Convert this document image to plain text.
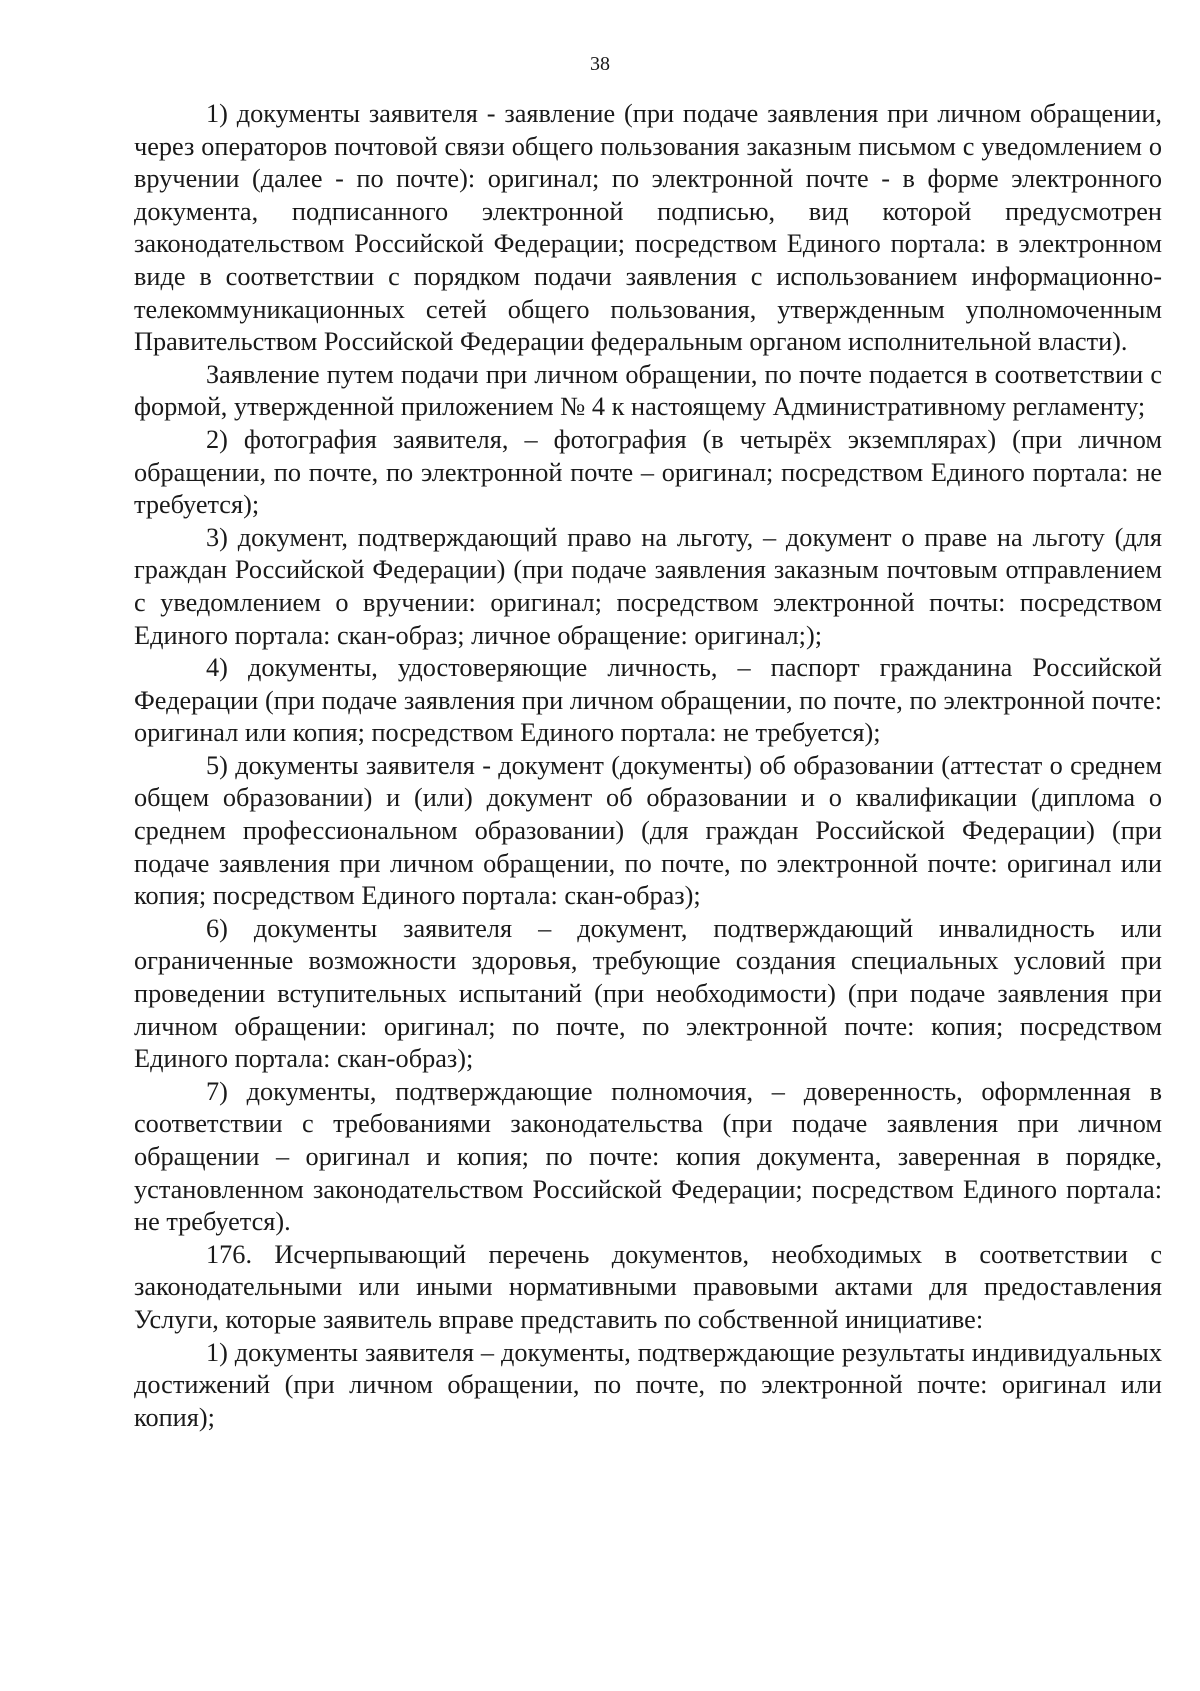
38

1) документы заявителя - заявление (при подаче заявления при личном обращении, через операторов почтовой связи общего пользования заказным письмом с уведомлением о вручении (далее - по почте): оригинал; по электронной почте - в форме электронного документа, подписанного электронной подписью, вид которой предусмотрен законодательством Российской Федерации; посредством Единого портала: в электронном виде в соответствии с порядком подачи заявления с использованием информационно-телекоммуникационных сетей общего пользования, утвержденным уполномоченным Правительством Российской Федерации федеральным органом исполнительной власти).

Заявление путем подачи при личном обращении, по почте подается в соответствии с формой, утвержденной приложением № 4 к настоящему Административному регламенту;

2) фотография заявителя, – фотография (в четырёх экземплярах) (при личном обращении, по почте, по электронной почте – оригинал; посредством Единого портала: не требуется);

3) документ, подтверждающий право на льготу, – документ о праве на льготу (для граждан Российской Федерации) (при подаче заявления заказным почтовым отправлением с уведомлением о вручении: оригинал; посредством электронной почты: посредством Единого портала: скан-образ; личное обращение: оригинал;);

4) документы, удостоверяющие личность, – паспорт гражданина Российской Федерации (при подаче заявления при личном обращении, по почте, по электронной почте: оригинал или копия; посредством Единого портала: не требуется);

5) документы заявителя - документ (документы) об образовании (аттестат о среднем общем образовании) и (или) документ об образовании и о квалификации (диплома о среднем профессиональном образовании) (для граждан Российской Федерации) (при подаче заявления при личном обращении, по почте, по электронной почте: оригинал или копия; посредством Единого портала: скан-образ);

6) документы заявителя – документ, подтверждающий инвалидность или ограниченные возможности здоровья, требующие создания специальных условий при проведении вступительных испытаний (при необходимости) (при подаче заявления при личном обращении: оригинал; по почте, по электронной почте: копия; посредством Единого портала: скан-образ);

7) документы, подтверждающие полномочия, – доверенность, оформленная в соответствии с требованиями законодательства (при подаче заявления при личном обращении – оригинал и копия; по почте: копия документа, заверенная в порядке, установленном законодательством Российской Федерации; посредством Единого портала: не требуется).

176. Исчерпывающий перечень документов, необходимых в соответствии с законодательными или иными нормативными правовыми актами для предоставления Услуги, которые заявитель вправе представить по собственной инициативе:

1) документы заявителя – документы, подтверждающие результаты индивидуальных достижений (при личном обращении, по почте, по электронной почте: оригинал или копия);
